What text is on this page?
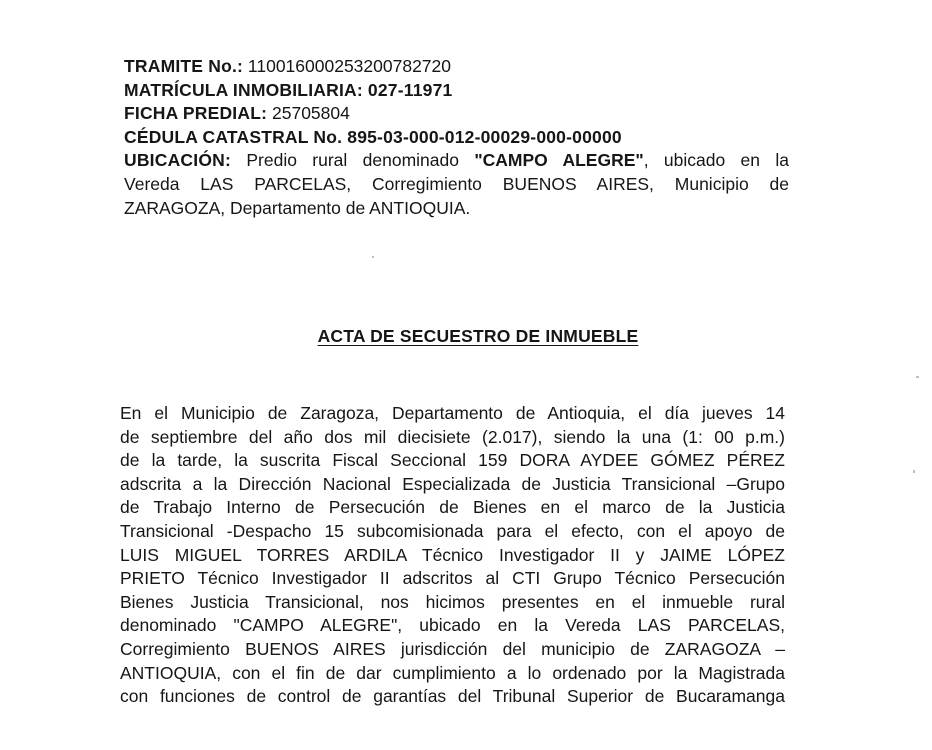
TRAMITE No.: 110016000253200782720
MATRÍCULA INMOBILIARIA: 027-11971
FICHA PREDIAL: 25705804
CÉDULA CATASTRAL No. 895-03-000-012-00029-000-00000
UBICACIÓN: Predio rural denominado "CAMPO ALEGRE", ubicado en la
Vereda LAS PARCELAS, Corregimiento BUENOS AIRES, Municipio de
ZARAGOZA, Departamento de ANTIOQUIA.
ACTA DE SECUESTRO DE INMUEBLE
En el Municipio de Zaragoza, Departamento de Antioquia, el día jueves 14
de septiembre del año dos mil diecisiete (2.017), siendo la una (1: 00 p.m.)
de la tarde, la suscrita Fiscal Seccional 159 DORA AYDEE GÓMEZ PÉREZ
adscrita a la Dirección Nacional Especializada de Justicia Transicional –Grupo
de Trabajo Interno de Persecución de Bienes en el marco de la Justicia
Transicional -Despacho 15 subcomisionada para el efecto, con el apoyo de
LUIS MIGUEL TORRES ARDILA Técnico Investigador II y JAIME LÓPEZ
PRIETO Técnico Investigador II adscritos al CTI Grupo Técnico Persecución
Bienes Justicia Transicional, nos hicimos presentes en el inmueble rural
denominado "CAMPO ALEGRE", ubicado en la Vereda LAS PARCELAS,
Corregimiento BUENOS AIRES jurisdicción del municipio de ZARAGOZA –
ANTIOQUIA, con el fin de dar cumplimiento a lo ordenado por la Magistrada
con funciones de control de garantías del Tribunal Superior de Bucaramanga
